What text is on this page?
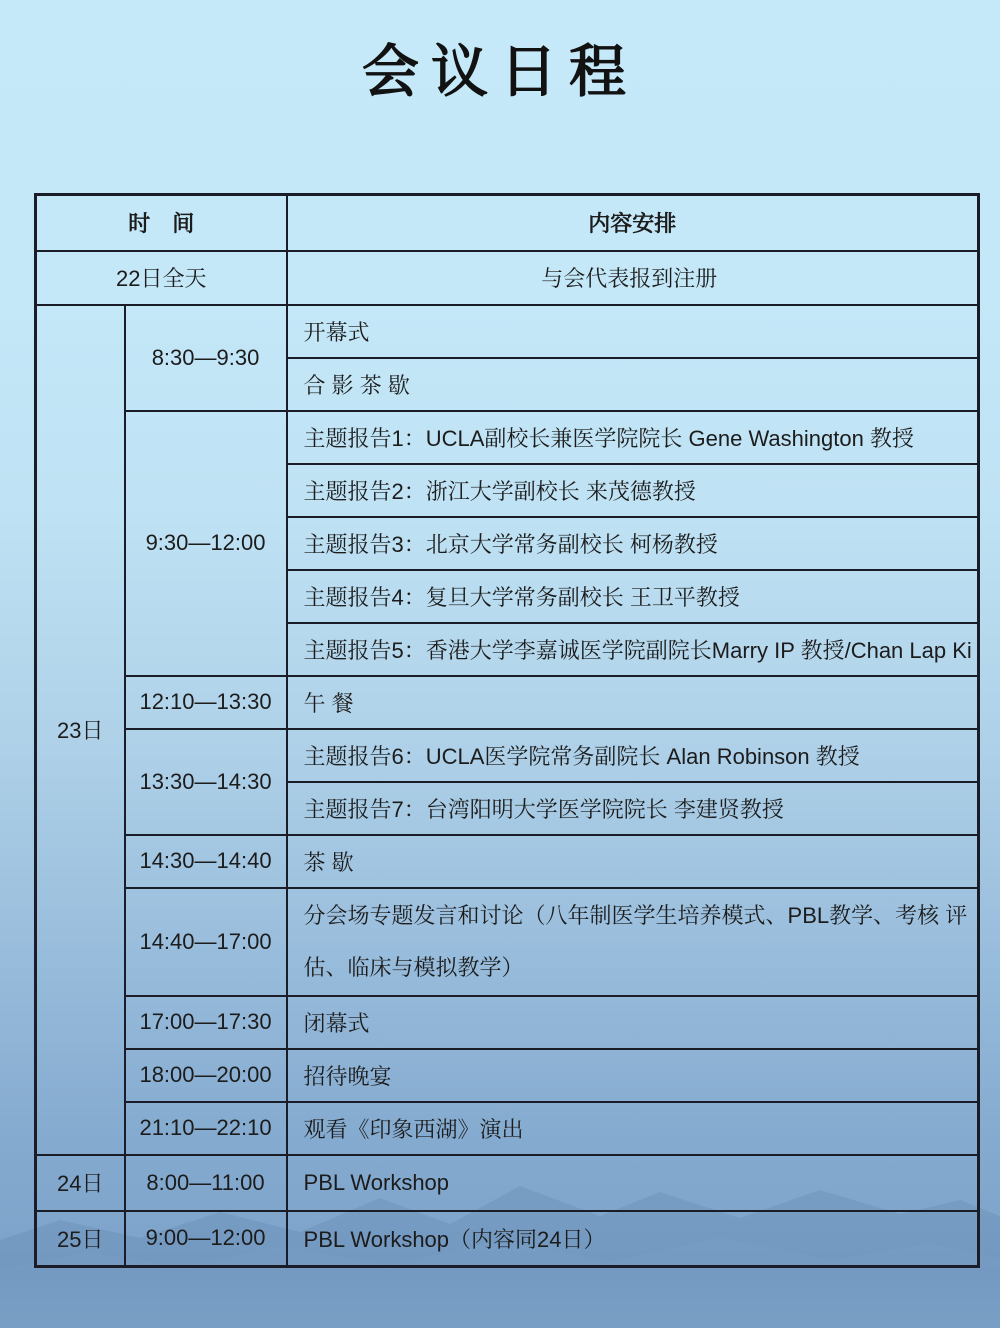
会议日程
时　间		内容安排
22日全天		与会代表报到注册
23日	8:30—9:30	开幕式
		合 影 茶 歇
	9:30—12:00	主题报告1：UCLA副校长兼医学院院长 Gene Washington 教授
		主题报告2：浙江大学副校长 来茂德教授
		主题报告3：北京大学常务副校长 柯杨教授
		主题报告4：复旦大学常务副校长 王卫平教授
		主题报告5：香港大学李嘉诚医学院副院长Marry IP 教授/Chan Lap Ki
	12:10—13:30	午 餐
	13:30—14:30	主题报告6：UCLA医学院常务副院长 Alan Robinson 教授
		主题报告7：台湾阳明大学医学院院长 李建贤教授
	14:30—14:40	茶 歇
	14:40—17:00	分会场专题发言和讨论（八年制医学生培养模式、PBL教学、考核 评估、临床与模拟教学）
	17:00—17:30	闭幕式
	18:00—20:00	招待晚宴
	21:10—22:10	观看《印象西湖》演出
24日	8:00—11:00	PBL Workshop
25日	9:00—12:00	PBL Workshop（内容同24日）
